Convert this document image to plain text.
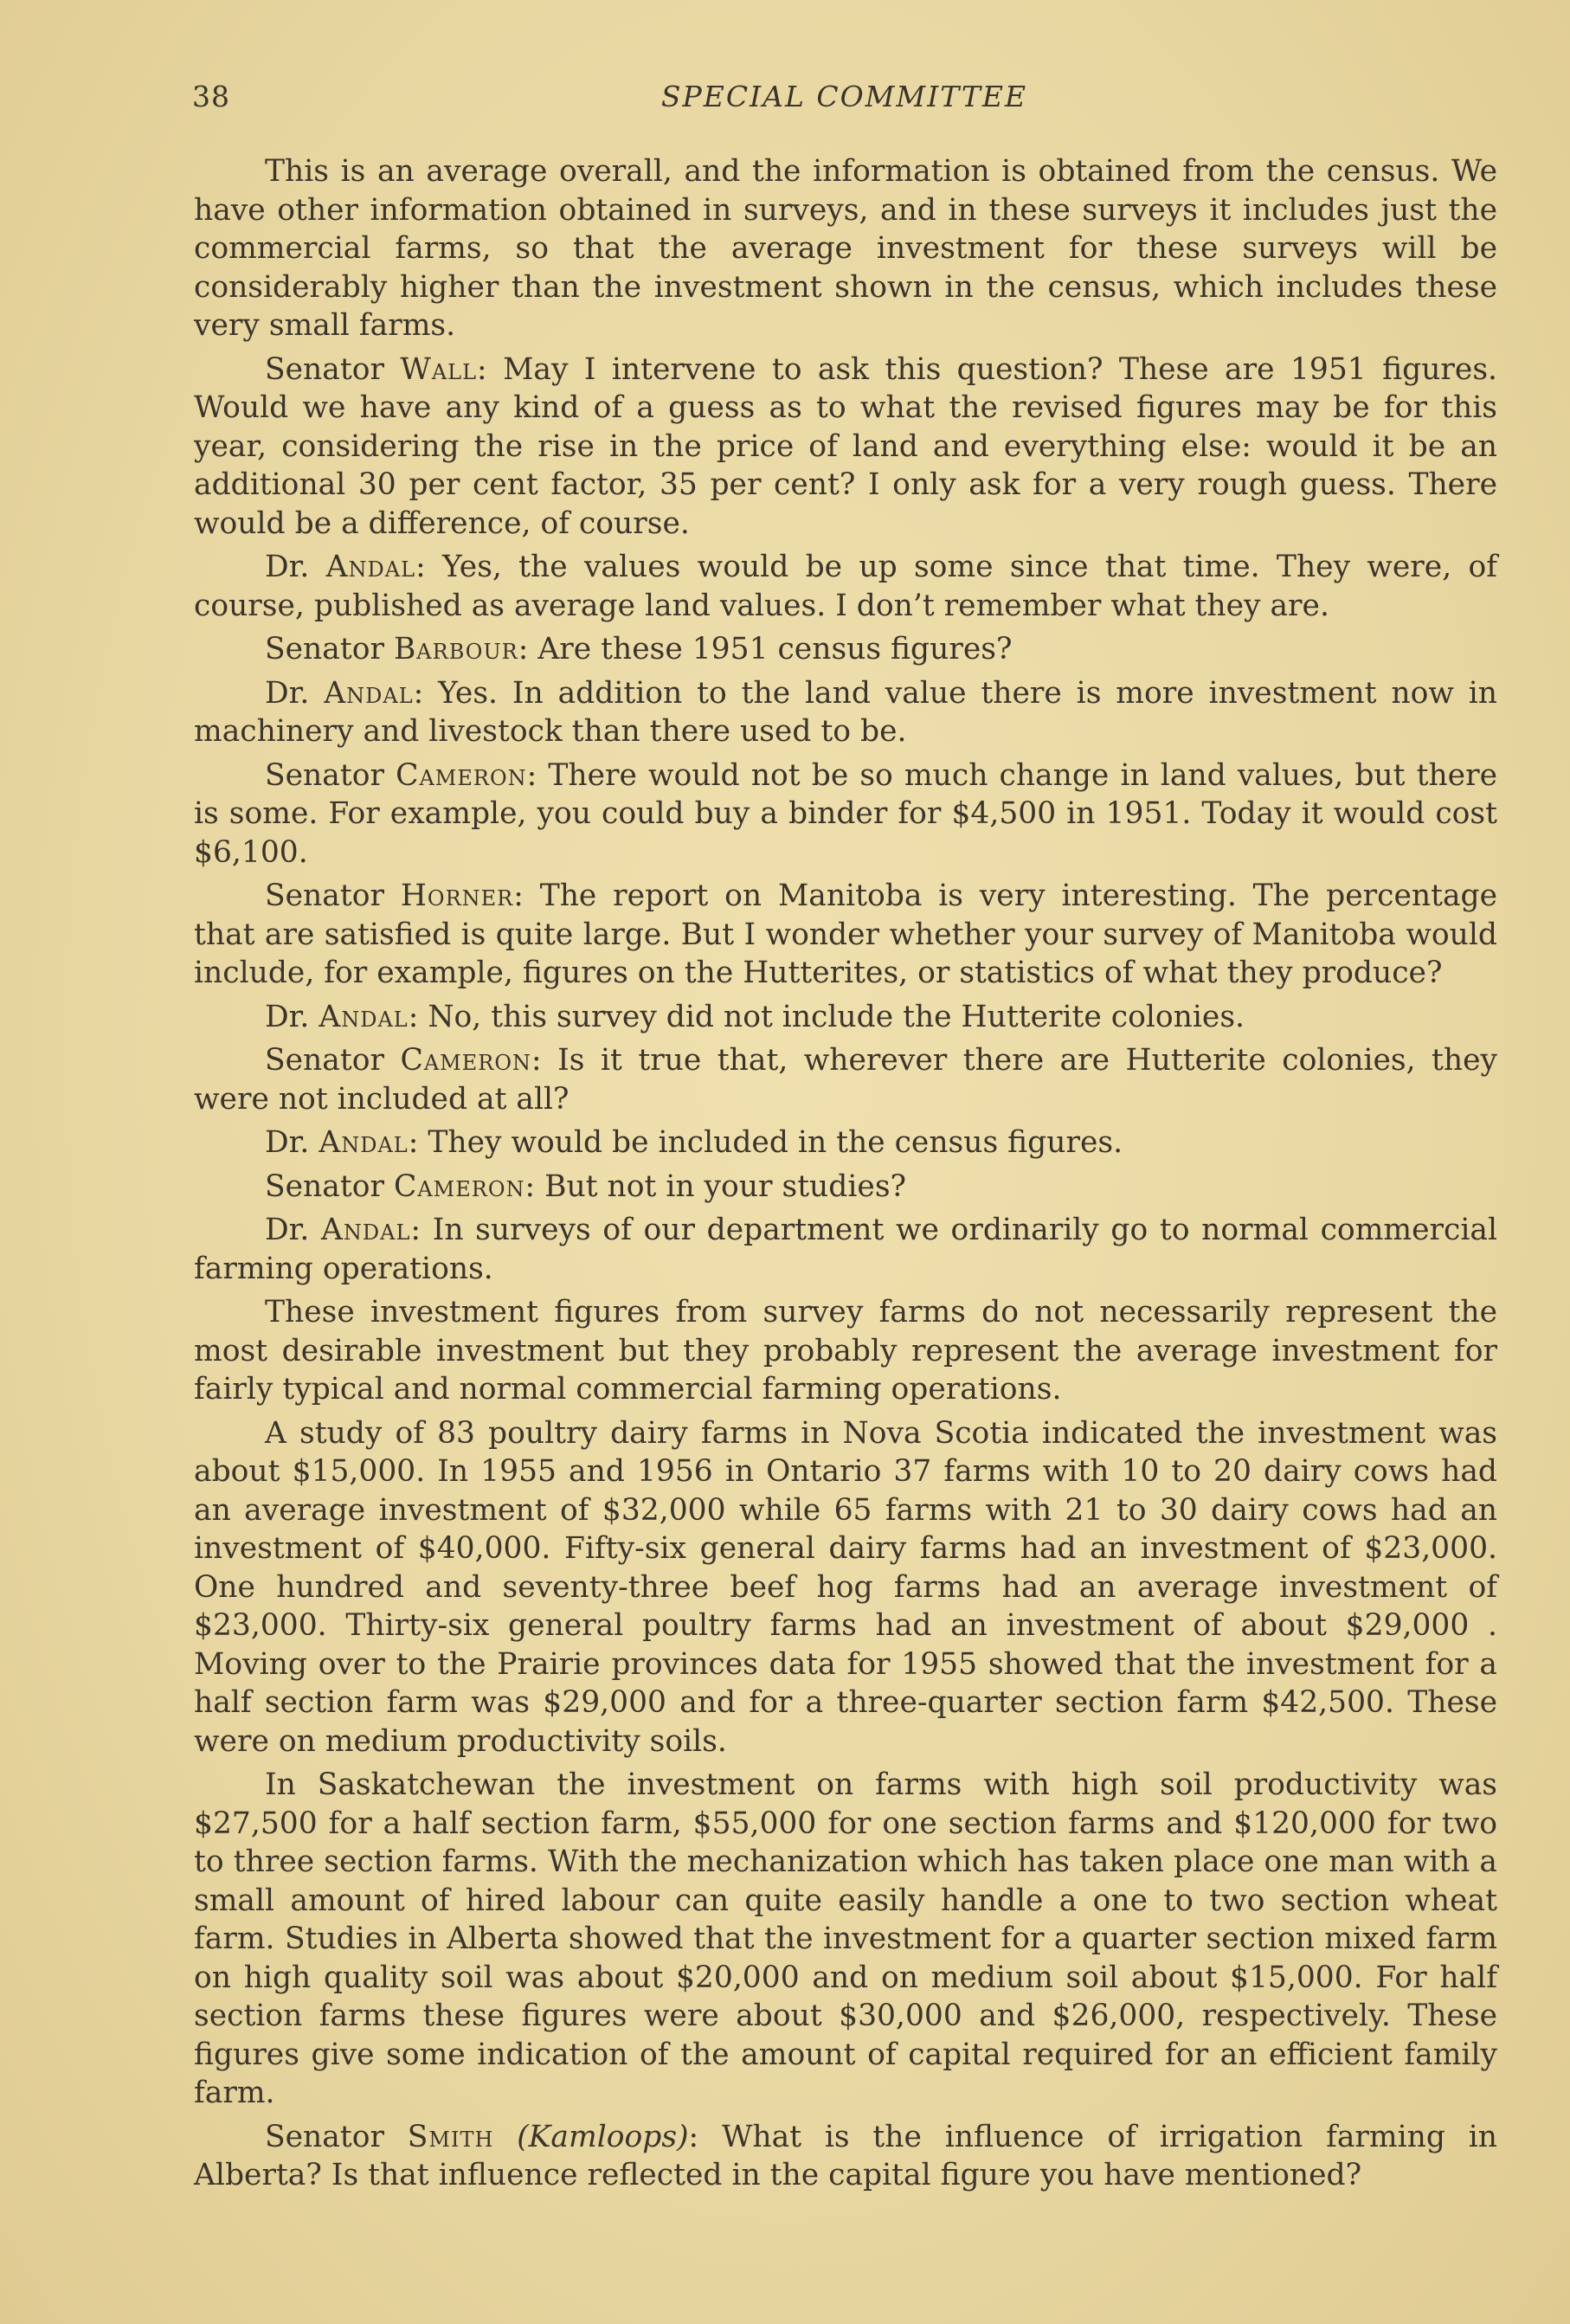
38	SPECIAL COMMITTEE

This is an average overall, and the information is obtained from the census. We have other information obtained in surveys, and in these surveys it includes just the commercial farms, so that the average investment for these surveys will be considerably higher than the investment shown in the census, which includes these very small farms.

Senator Wall: May I intervene to ask this question? These are 1951 figures. Would we have any kind of a guess as to what the revised figures may be for this year, considering the rise in the price of land and everything else: would it be an additional 30 per cent factor, 35 per cent? I only ask for a very rough guess. There would be a difference, of course.

Dr. Andal: Yes, the values would be up some since that time. They were, of course, published as average land values. I don’t remember what they are.

Senator Barbour: Are these 1951 census figures?

Dr. Andal: Yes. In addition to the land value there is more investment now in machinery and livestock than there used to be.

Senator Cameron: There would not be so much change in land values, but there is some. For example, you could buy a binder for $4,500 in 1951. Today it would cost $6,100.

Senator Horner: The report on Manitoba is very interesting. The percentage that are satisfied is quite large. But I wonder whether your survey of Manitoba would include, for example, figures on the Hutterites, or statistics of what they produce?

Dr. Andal: No, this survey did not include the Hutterite colonies.

Senator Cameron: Is it true that, wherever there are Hutterite colonies, they were not included at all?

Dr. Andal: They would be included in the census figures.

Senator Cameron: But not in your studies?

Dr. Andal: In surveys of our department we ordinarily go to normal commercial farming operations.

These investment figures from survey farms do not necessarily represent the most desirable investment but they probably represent the average investment for fairly typical and normal commercial farming operations.

A study of 83 poultry dairy farms in Nova Scotia indicated the investment was about $15,000. In 1955 and 1956 in Ontario 37 farms with 10 to 20 dairy cows had an average investment of $32,000 while 65 farms with 21 to 30 dairy cows had an investment of $40,000. Fifty-six general dairy farms had an investment of $23,000. One hundred and seventy-three beef hog farms had an average investment of $23,000. Thirty-six general poultry farms had an investment of about $29,000 . Moving over to the Prairie provinces data for 1955 showed that the investment for a half section farm was $29,000 and for a three-quarter section farm $42,500. These were on medium productivity soils.

In Saskatchewan the investment on farms with high soil productivity was $27,500 for a half section farm, $55,000 for one section farms and $120,000 for two to three section farms. With the mechanization which has taken place one man with a small amount of hired labour can quite easily handle a one to two section wheat farm. Studies in Alberta showed that the investment for a quarter section mixed farm on high quality soil was about $20,000 and on medium soil about $15,000. For half section farms these figures were about $30,000 and $26,000, respectively. These figures give some indication of the amount of capital required for an efficient family farm.

Senator Smith (Kamloops): What is the influence of irrigation farming in Alberta? Is that influence reflected in the capital figure you have mentioned?
